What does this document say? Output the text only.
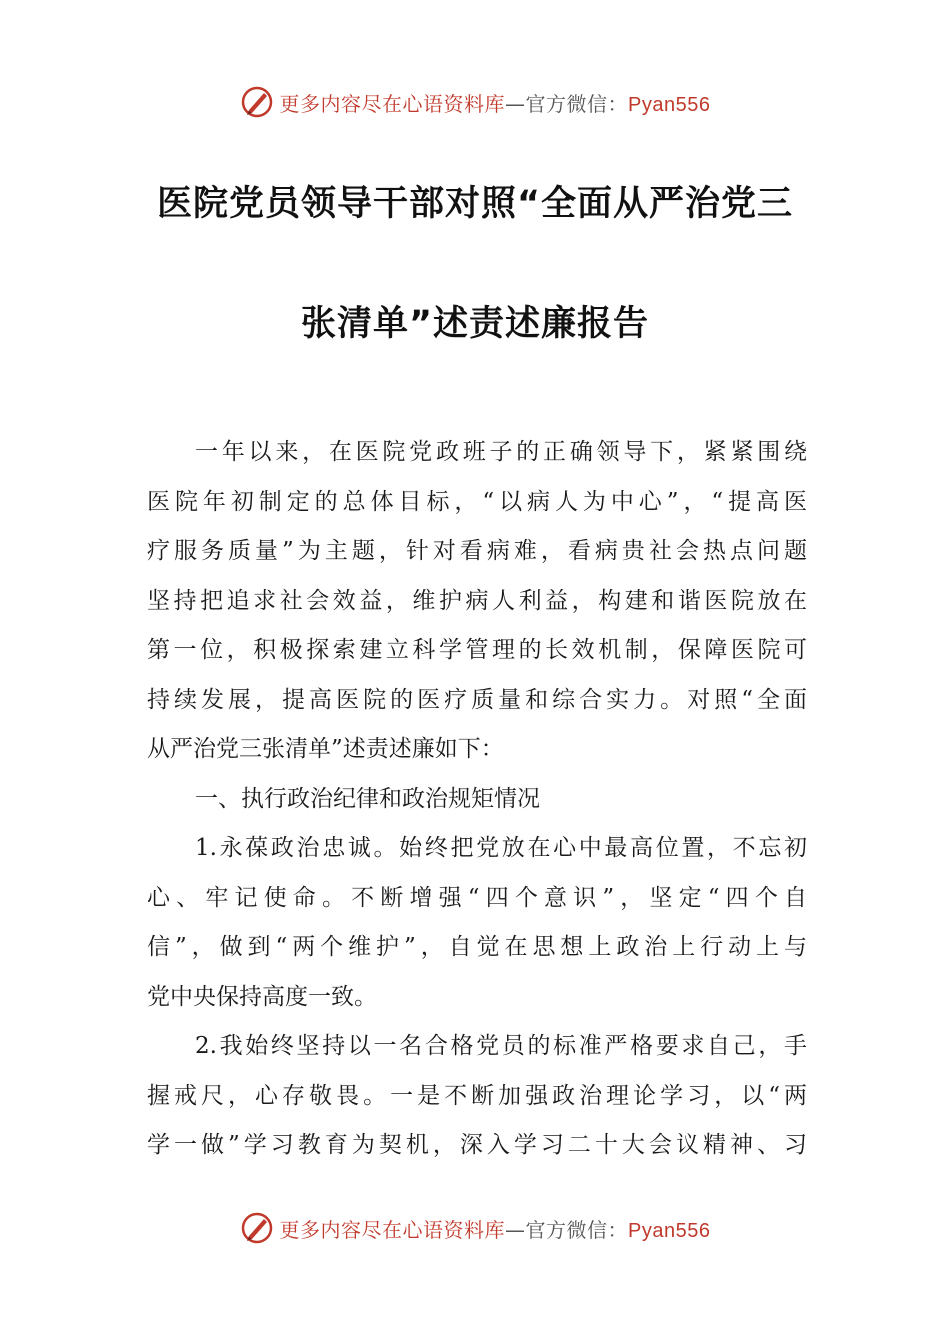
更多内容尽在心语资料库—官方微信：Pyan556
医院党员领导干部对照“全面从严治党三
张清单”述责述廉报告
一年以来，在医院党政班子的正确领导下，紧紧围绕
医院年初制定的总体目标，“以病人为中心”，“提高医
疗服务质量”为主题，针对看病难，看病贵社会热点问题
坚持把追求社会效益，维护病人利益，构建和谐医院放在
第一位，积极探索建立科学管理的长效机制，保障医院可
持续发展，提高医院的医疗质量和综合实力。对照“全面
从严治党三张清单”述责述廉如下：
一、执行政治纪律和政治规矩情况
1.永葆政治忠诚。始终把党放在心中最高位置，不忘初
心、牢记使命。不断增强“四个意识”，坚定“四个自
信”，做到“两个维护”，自觉在思想上政治上行动上与
党中央保持高度一致。
2.我始终坚持以一名合格党员的标准严格要求自己，手
握戒尺，心存敬畏。一是不断加强政治理论学习，以“两
学一做”学习教育为契机，深入学习二十大会议精神、习
更多内容尽在心语资料库—官方微信：Pyan556
